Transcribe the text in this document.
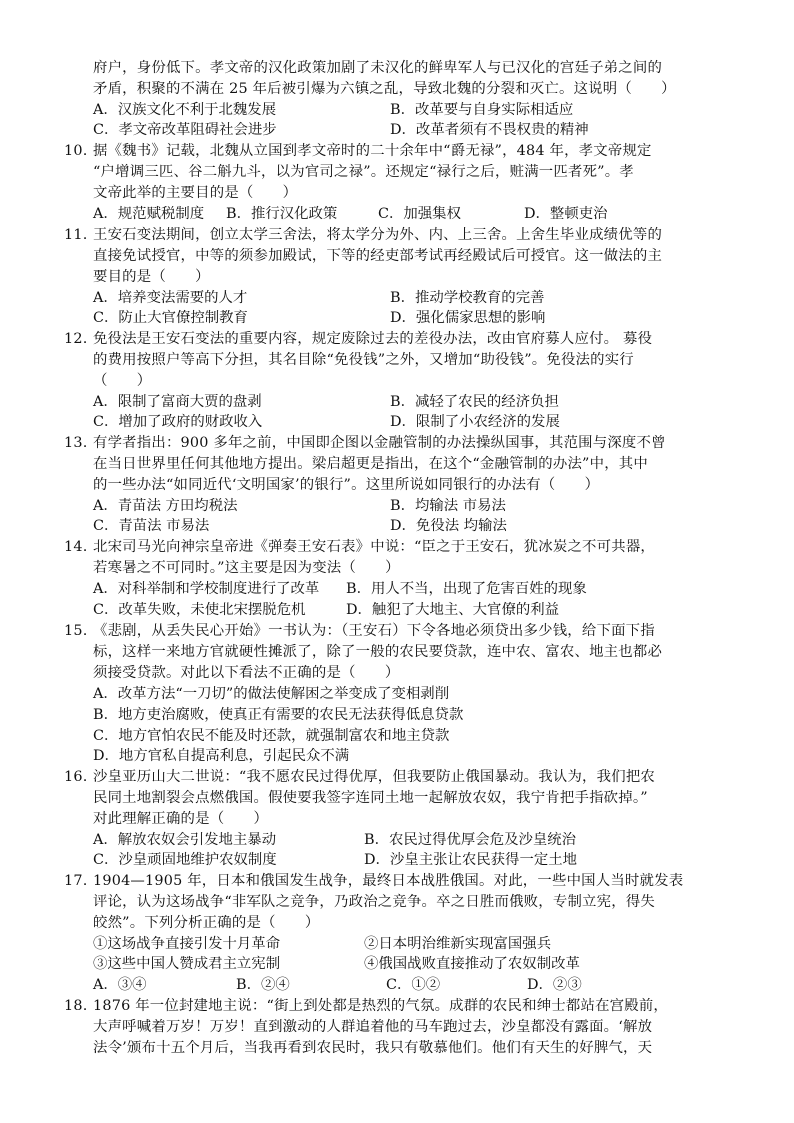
府户，身份低下。孝文帝的汉化政策加剧了未汉化的鲜卑军人与已汉化的宫廷子弟之间的
矛盾，积聚的不满在 25 年后被引爆为六镇之乱，导致北魏的分裂和灭亡。这说明（　　）
A．汉族文化不利于北魏发展	B．改革要与自身实际相适应
C．孝文帝改革阻碍社会进步	D．改革者须有不畏权贵的精神
10. 据《魏书》记载，北魏从立国到孝文帝时的二十余年中“爵无禄”，484 年，孝文帝规定
“户增调三匹、谷二斛九斗，以为官司之禄”。还规定“禄行之后，赃满一匹者死”。孝
文帝此举的主要目的是（　　）
A．规范赋税制度 B．推行汉化政策	C．加强集权	D．整顿吏治
11. 王安石变法期间，创立太学三舍法，将太学分为外、内、上三舍。上舍生毕业成绩优等的
直接免试授官，中等的须参加殿试，下等的经吏部考试再经殿试后可授官。这一做法的主
要目的是（　　）
A．培养变法需要的人才	B．推动学校教育的完善
C．防止大官僚控制教育	D．强化儒家思想的影响
12. 免役法是王安石变法的重要内容，规定废除过去的差役办法，改由官府募人应付。 募役
的费用按照户等高下分担，其名目除“免役钱”之外，又增加“助役钱”。免役法的实行
（　　）
A．限制了富商大贾的盘剥	B．减轻了农民的经济负担
C．增加了政府的财政收入	D．限制了小农经济的发展
13. 有学者指出：900 多年之前，中国即企图以金融管制的办法操纵国事，其范围与深度不曾
在当日世界里任何其他地方提出。梁启超更是指出，在这个“金融管制的办法”中，其中
的一些办法“如同近代‘文明国家’的银行”。这里所说如同银行的办法有（　　）
A．青苗法 方田均税法	B．均输法 市易法
C．青苗法 市易法	D．免役法 均输法
14. 北宋司马光向神宗皇帝进《弹奏王安石表》中说：“臣之于王安石，犹冰炭之不可共器，
若寒暑之不可同时。”这主要是因为变法（　　）
A．对科举制和学校制度进行了改革 B．用人不当，出现了危害百姓的现象
C．改革失败，未使北宋摆脱危机	D．触犯了大地主、大官僚的利益
15. 《悲剧，从丢失民心开始》一书认为：（王安石）下令各地必须贷出多少钱，给下面下指
标，这样一来地方官就硬性摊派了，除了一般的农民要贷款，连中农、富农、地主也都必
须接受贷款。对此以下看法不正确的是（　　）
A．改革方法“一刀切”的做法使解困之举变成了变相剥削
B．地方吏治腐败，使真正有需要的农民无法获得低息贷款
C．地方官怕农民不能及时还款，就强制富农和地主贷款
D．地方官私自提高利息，引起民众不满
16. 沙皇亚历山大二世说：“我不愿农民过得优厚，但我要防止俄国暴动。我认为，我们把农
民同土地割裂会点燃俄国。假使要我签字连同土地一起解放农奴，我宁肯把手指砍掉。”
对此理解正确的是（　　）
A．解放农奴会引发地主暴动	B．农民过得优厚会危及沙皇统治
C．沙皇顽固地维护农奴制度	D．沙皇主张让农民获得一定土地
17. 1904—1905 年，日本和俄国发生战争，最终日本战胜俄国。对此，一些中国人当时就发表
评论，认为这场战争“非军队之竞争，乃政治之竞争。卒之日胜而俄败，专制立宪，得失
皎然”。下列分析正确的是（　　）
①这场战争直接引发十月革命	②日本明治维新实现富国强兵
③这些中国人赞成君主立宪制	④俄国战败直接推动了农奴制改革
A．③④	B．②④	C．①②	D．②③
18. 1876 年一位封建地主说：“街上到处都是热烈的气氛。成群的农民和绅士都站在宫殿前，
大声呼喊着万岁！万岁！直到激动的人群追着他的马车跑过去，沙皇都没有露面。‘解放
法令’颁布十五个月后，当我再看到农民时，我只有敬慕他们。他们有天生的好脾气，天
